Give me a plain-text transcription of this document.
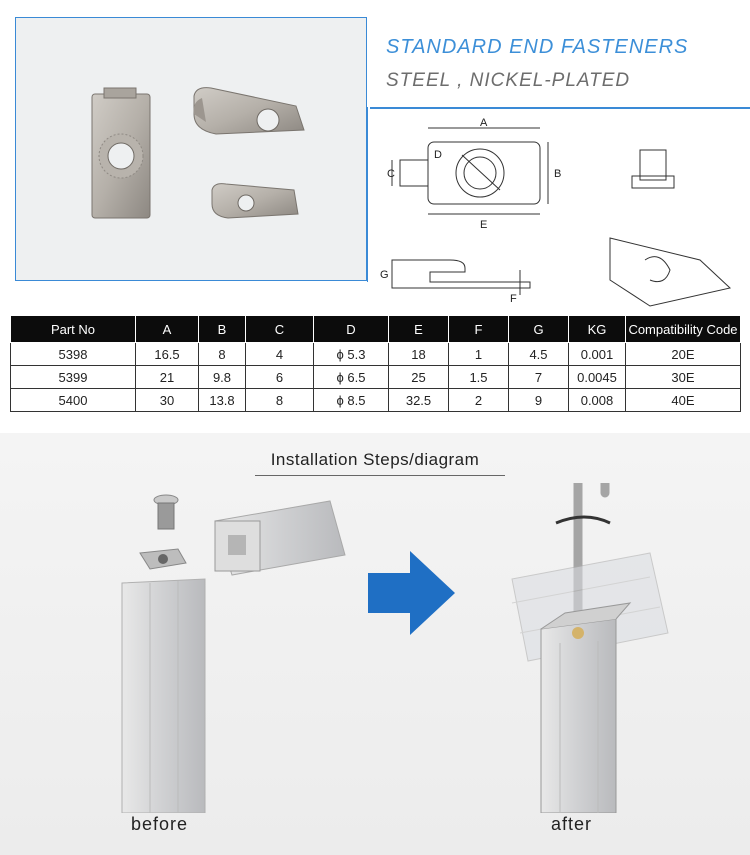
STANDARD END FASTENERS
STEEL , NICKEL-PLATED
A
B
C
D
E
F
G
Part No	A	B	C	D	E	F	G	KG	Compatibility Code
5398	16.5	8	4	ϕ 5.3	18	1	4.5	0.001	20E
5399	21	9.8	6	ϕ 6.5	25	1.5	7	0.0045	30E
5400	30	13.8	8	ϕ 8.5	32.5	2	9	0.008	40E
Installation Steps/diagram
before	after
